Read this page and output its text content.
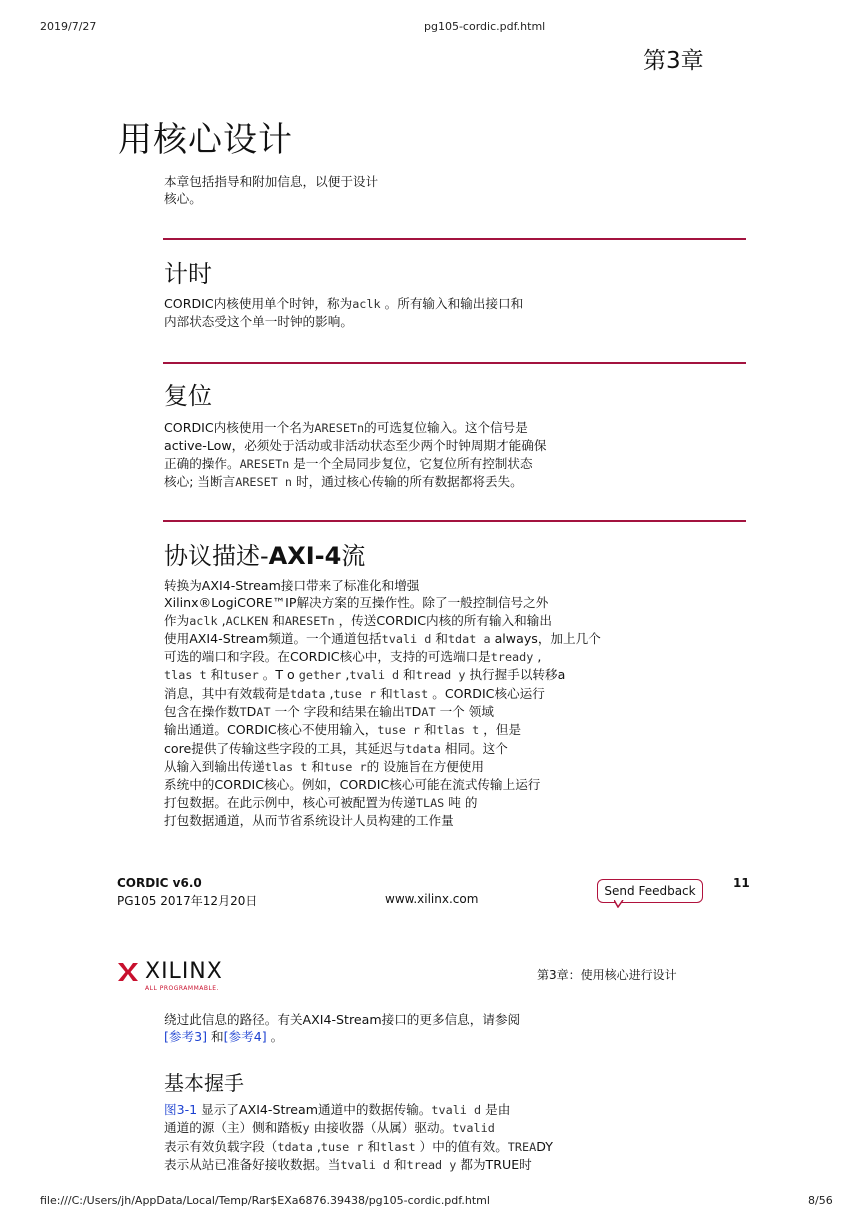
2019/7/27	pg105-cordic.pdf.html
第3章
用核心设计
本章包括指导和附加信息，以便于设计
核心。
计时
CORDIC内核使用单个时钟，称为aclk 。所有输入和输出接口和
内部状态受这个单一时钟的影响。
复位
CORDIC内核使用一个名为ARESETn的可选复位输入。这个信号是
active-Low，必须处于活动或非活动状态至少两个时钟周期才能确保
正确的操作。ARESETn 是一个全局同步复位，它复位所有控制状态
核心; 当断言ARESET n 时，通过核心传输的所有数据都将丢失。
协议描述-AXI-4流
转换为AXI4-Stream接口带来了标准化和增强
Xilinx®LogiCORE™IP解决方案的互操作性。除了一般控制信号之外
作为aclk ,ACLKEN 和ARESETn ，传送CORDIC内核的所有输入和输出
使用AXI4-Stream频道。一个通道包括tvali d 和tdat a always，加上几个
可选的端口和字段。在CORDIC核心中，支持的可选端口是tready ,
tlas t 和tuser 。T o gether ,tvali d 和tread y 执行握手以转移a
消息，其中有效载荷是tdata ,tuse r 和tlast 。CORDIC核心运行
包含在操作数TDAT 一个 字段和结果在输出TDAT 一个 领域
输出通道。CORDIC核心不使用输入，tuse r 和tlas t ，但是
core提供了传输这些字段的工具，其延迟与tdata 相同。这个
从输入到输出传递tlas t 和tuse r的 设施旨在方便使用
系统中的CORDIC核心。例如，CORDIC核心可能在流式传输上运行
打包数据。在此示例中，核心可被配置为传递TLAS 吨 的
打包数据通道，从而节省系统设计人员构建的工作量
CORDIC v6.0
PG105 2017年12月20日	www.xilinx.com
Send Feedback
11
XILINX
ALL PROGRAMMABLE.
第3章：使用核心进行设计
绕过此信息的路径。有关AXI4-Stream接口的更多信息，请参阅
[参考3] 和[参考4] 。
基本握手
图3-1 显示了AXI4-Stream通道中的数据传输。tvali d 是由
通道的源（主）侧和踏板y 由接收器（从属）驱动。tvalid
表示有效负载字段（tdata ,tuse r 和tlast ）中的值有效。TREADY
表示从站已准备好接收数据。当tvali d 和tread y 都为TRUE时
file:///C:/Users/jh/AppData/Local/Temp/Rar$EXa6876.39438/pg105-cordic.pdf.html	8/56
